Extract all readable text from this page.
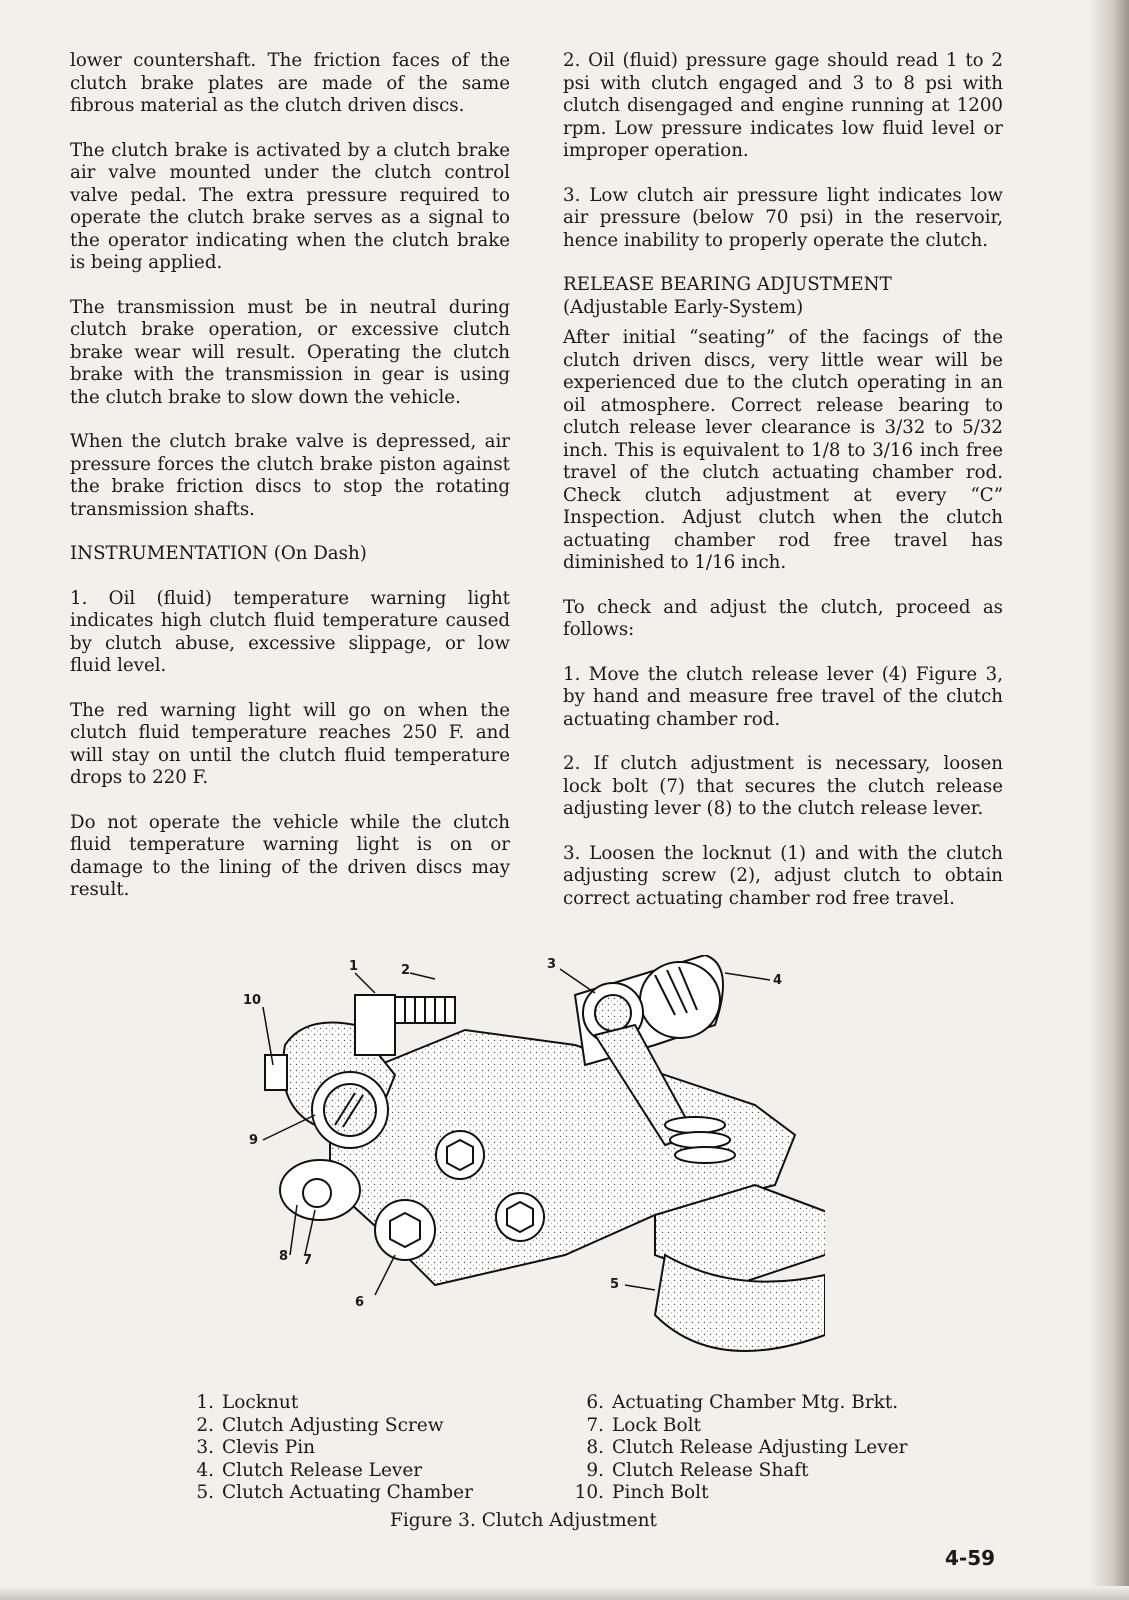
lower countershaft. The friction faces of the clutch brake plates are made of the same fibrous material as the clutch driven discs.

The clutch brake is activated by a clutch brake air valve mounted under the clutch control valve pedal. The extra pressure required to operate the clutch brake serves as a signal to the operator indicating when the clutch brake is being applied.

The transmission must be in neutral during clutch brake operation, or excessive clutch brake wear will result. Operating the clutch brake with the transmission in gear is using the clutch brake to slow down the vehicle.

When the clutch brake valve is depressed, air pressure forces the clutch brake piston against the brake friction discs to stop the rotating transmission shafts.

INSTRUMENTATION (On Dash)

1. Oil (fluid) temperature warning light indicates high clutch fluid temperature caused by clutch abuse, excessive slippage, or low fluid level.

The red warning light will go on when the clutch fluid temperature reaches 250 F. and will stay on until the clutch fluid temperature drops to 220 F.

Do not operate the vehicle while the clutch fluid temperature warning light is on or damage to the lining of the driven discs may result.

2. Oil (fluid) pressure gage should read 1 to 2 psi with clutch engaged and 3 to 8 psi with clutch disengaged and engine running at 1200 rpm. Low pressure indicates low fluid level or improper operation.

3. Low clutch air pressure light indicates low air pressure (below 70 psi) in the reservoir, hence inability to properly operate the clutch.

RELEASE BEARING ADJUSTMENT

(Adjustable Early-System)

After initial “seating” of the facings of the clutch driven discs, very little wear will be experienced due to the clutch operating in an oil atmosphere. Correct release bearing to clutch release lever clearance is 3/32 to 5/32 inch. This is equivalent to 1/8 to 3/16 inch free travel of the clutch actuating chamber rod. Check clutch adjustment at every “C” Inspection. Adjust clutch when the clutch actuating chamber rod free travel has diminished to 1/16 inch.

To check and adjust the clutch, proceed as follows:

1. Move the clutch release lever (4) Figure 3, by hand and measure free travel of the clutch actuating chamber rod.

2. If clutch adjustment is necessary, loosen lock bolt (7) that secures the clutch release adjusting lever (8) to the clutch release lever.

3. Loosen the locknut (1) and with the clutch adjusting screw (2), adjust clutch to obtain correct actuating chamber rod free travel.

1	2	3
4
5
6
7
8
9
10
1. Locknut
2. Clutch Adjusting Screw
3. Clevis Pin
4. Clutch Release Lever
5. Clutch Actuating Chamber
6. Actuating Chamber Mtg. Brkt.
7. Lock Bolt
8. Clutch Release Adjusting Lever
9. Clutch Release Shaft
10. Pinch Bolt
Figure 3. Clutch Adjustment
4-59
